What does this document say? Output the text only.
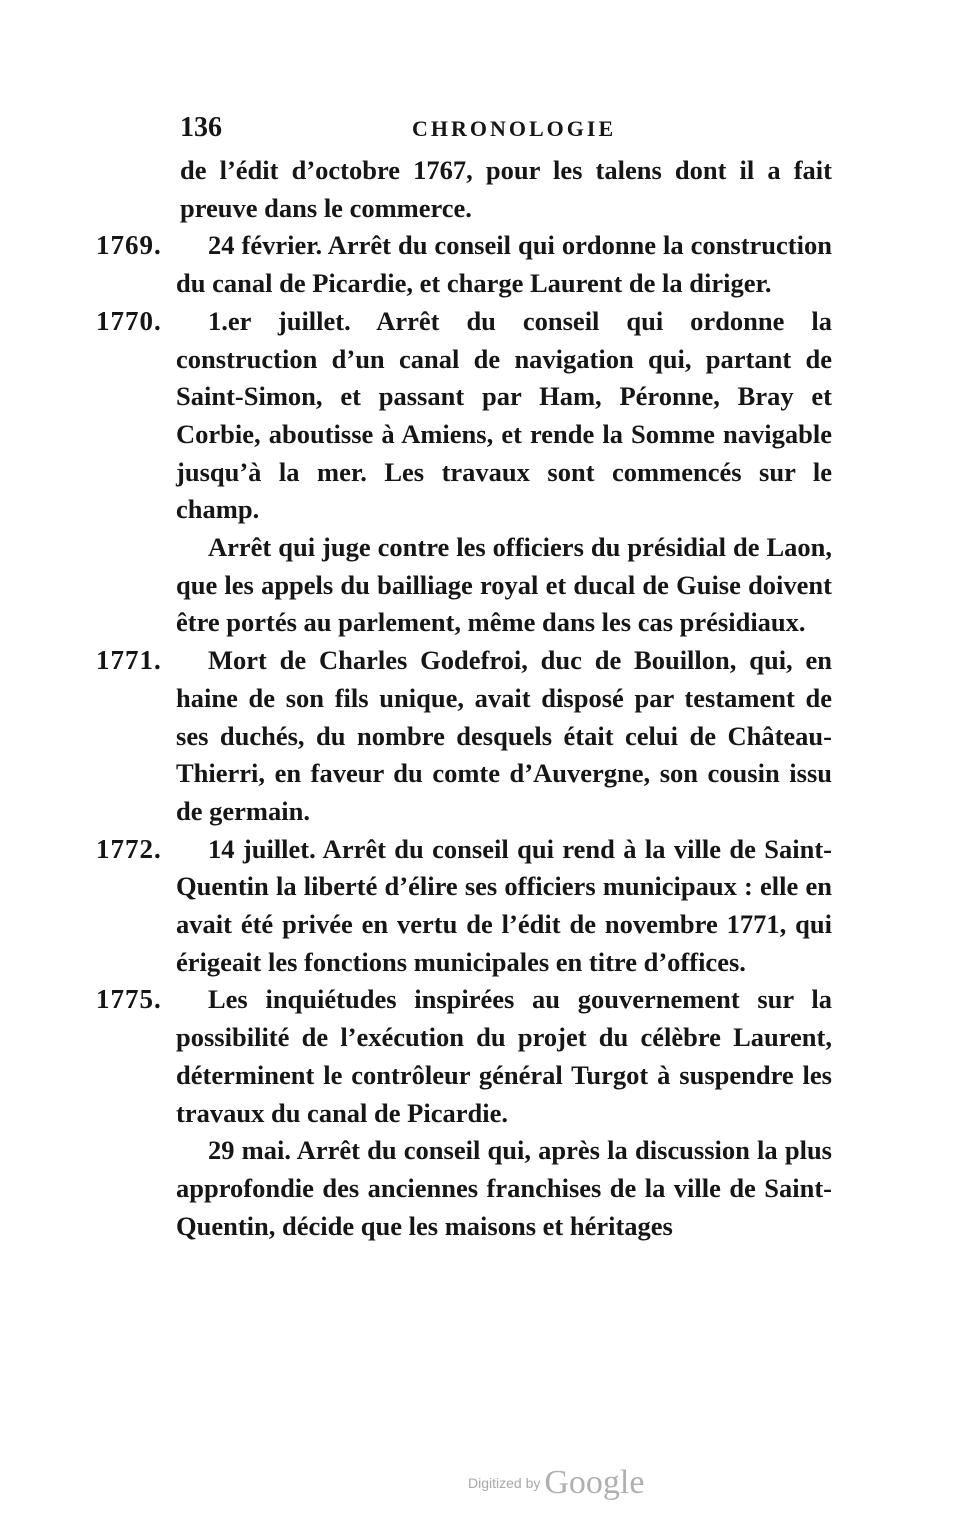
136	CHRONOLOGIE
de l’édit d’octobre 1767, pour les talens dont il a fait preuve dans le commerce.
1769. 24 février. Arrêt du conseil qui ordonne la construction du canal de Picardie, et charge Laurent de la diriger.
1770. 1.er juillet. Arrêt du conseil qui ordonne la construction d’un canal de navigation qui, partant de Saint-Simon, et passant par Ham, Péronne, Bray et Corbie, aboutisse à Amiens, et rende la Somme navigable jusqu’à la mer. Les travaux sont commencés sur le champ.
Arrêt qui juge contre les officiers du présidial de Laon, que les appels du bailliage royal et ducal de Guise doivent être portés au parlement, même dans les cas présidiaux.
1771. Mort de Charles Godefroi, duc de Bouillon, qui, en haine de son fils unique, avait disposé par testament de ses duchés, du nombre desquels était celui de Château-Thierri, en faveur du comte d’Auvergne, son cousin issu de germain.
1772. 14 juillet. Arrêt du conseil qui rend à la ville de Saint-Quentin la liberté d’élire ses officiers municipaux : elle en avait été privée en vertu de l’édit de novembre 1771, qui érigeait les fonctions municipales en titre d’offices.
1775. Les inquiétudes inspirées au gouvernement sur la possibilité de l’exécution du projet du célèbre Laurent, déterminent le contrôleur général Turgot à suspendre les travaux du canal de Picardie.
29 mai. Arrêt du conseil qui, après la discussion la plus approfondie des anciennes franchises de la ville de Saint-Quentin, décide que les maisons et héritages
Digitized by Google
